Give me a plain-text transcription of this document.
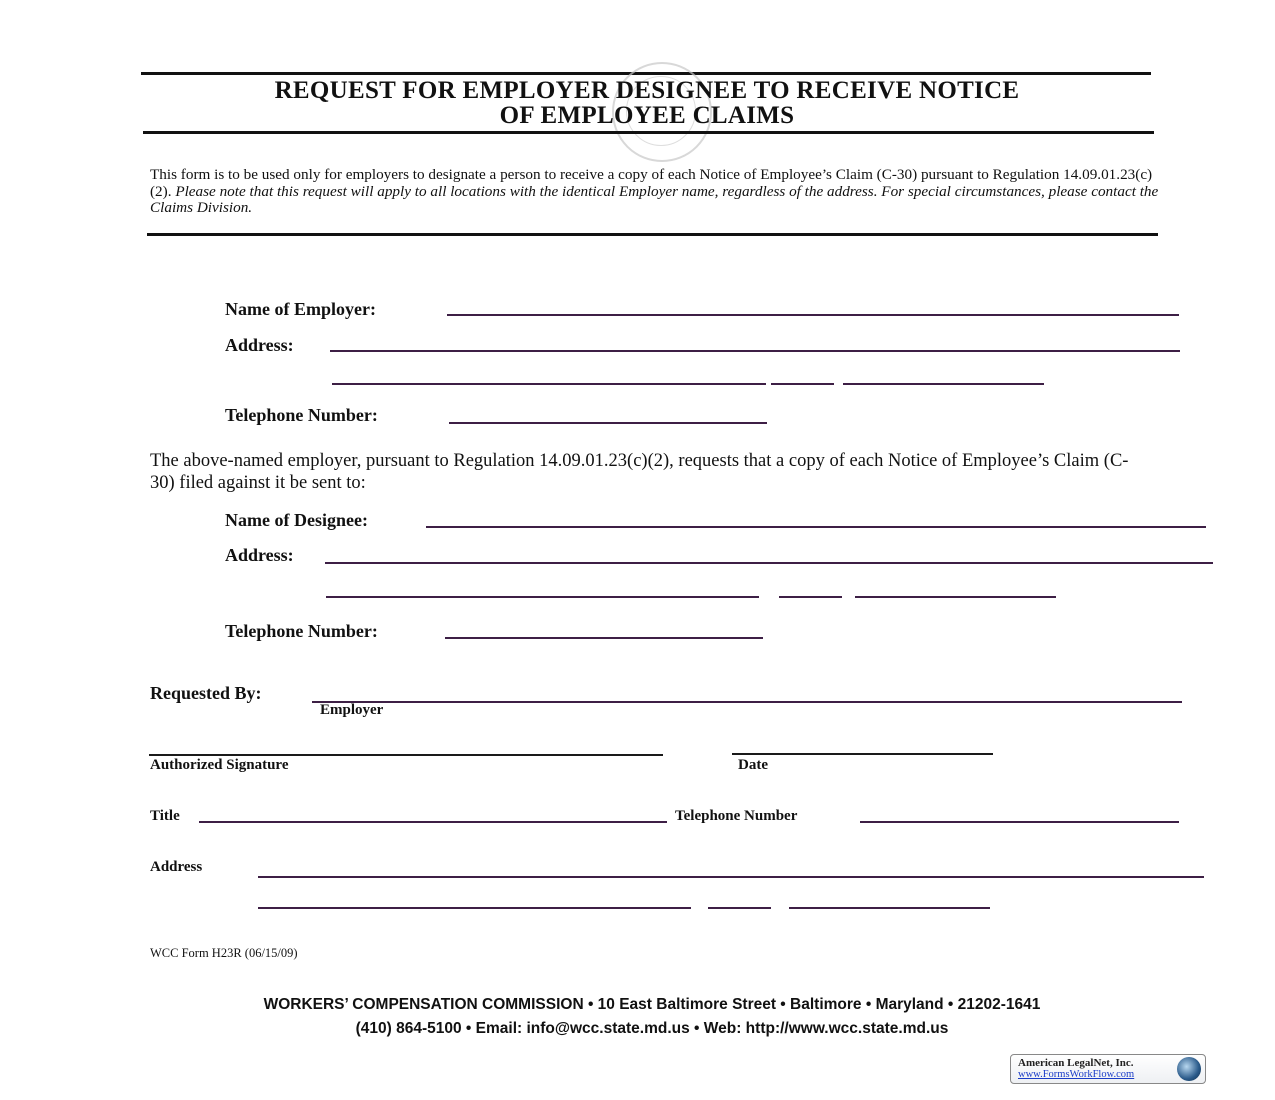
REQUEST FOR EMPLOYER DESIGNEE TO RECEIVE NOTICE
OF EMPLOYEE CLAIMS
This form is to be used only for employers to designate a person to receive a copy of each Notice of Employee’s Claim (C-30) pursuant to Regulation 14.09.01.23(c)(2). Please note that this request will apply to all locations with the identical Employer name, regardless of the address. For special circumstances, please contact the Claims Division.
Name of Employer:
Address:
Telephone Number:
The above-named employer, pursuant to Regulation 14.09.01.23(c)(2), requests that a copy of each Notice of Employee’s Claim (C-30) filed against it be sent to:
Name of Designee:
Address:
Telephone Number:
Requested By:
Employer
Authorized Signature	Date
Title	Telephone Number
Address
WCC Form H23R (06/15/09)
WORKERS’ COMPENSATION COMMISSION • 10 East Baltimore Street • Baltimore • Maryland • 21202-1641
(410) 864-5100 • Email: info@wcc.state.md.us • Web: http://www.wcc.state.md.us
American LegalNet, Inc.
www.FormsWorkFlow.com
